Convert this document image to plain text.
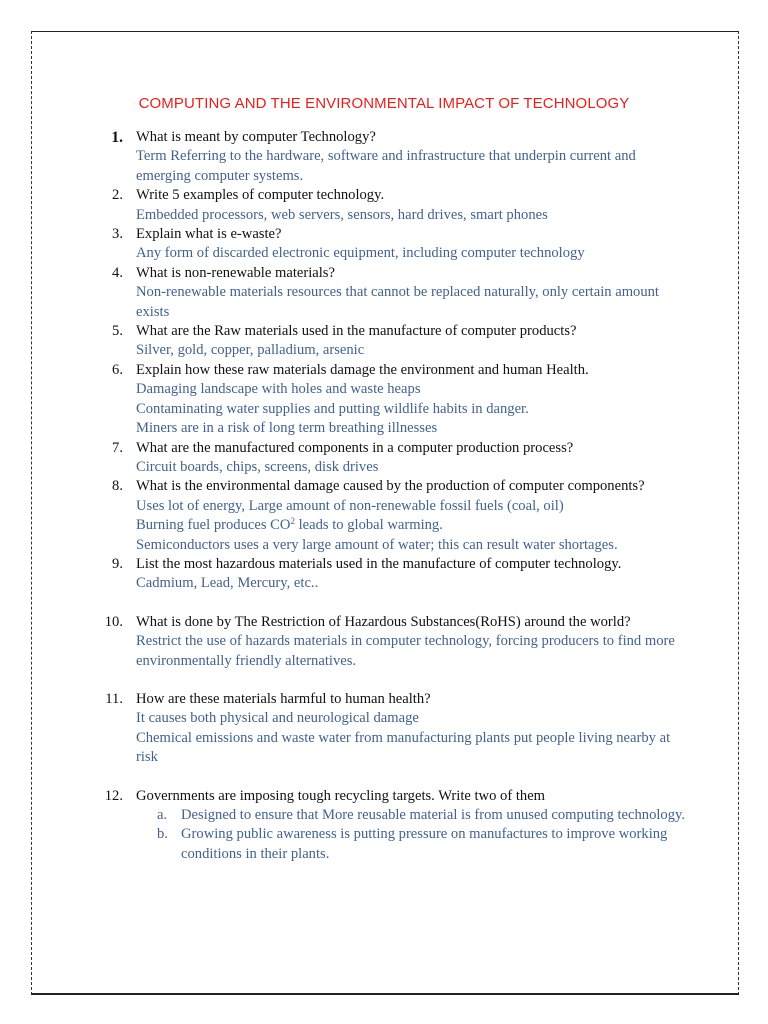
COMPUTING AND THE ENVIRONMENTAL IMPACT OF TECHNOLOGY
1. What is meant by computer Technology?
Term Referring to the hardware, software and infrastructure that underpin current and emerging computer systems.
2. Write 5 examples of computer technology.
Embedded processors, web servers, sensors, hard drives, smart phones
3. Explain what is e-waste?
Any form of discarded electronic equipment, including computer technology
4. What is non-renewable materials?
Non-renewable materials resources that cannot be replaced naturally, only certain amount exists
5. What are the Raw materials used in the manufacture of computer products?
Silver, gold, copper, palladium, arsenic
6. Explain how these raw materials damage the environment and human Health.
Damaging landscape with holes and waste heaps
Contaminating water supplies and putting wildlife habits in danger.
Miners are in a risk of long term breathing illnesses
7. What are the manufactured components in a computer production process?
Circuit boards, chips, screens, disk drives
8. What is the environmental damage caused by the production of computer components?
Uses lot of energy, Large amount of non-renewable fossil fuels (coal, oil)
Burning fuel produces $CO^2$ leads to global warming.
Semiconductors uses a very large amount of water; this can result water shortages.
9. List the most hazardous materials used in the manufacture of computer technology.
Cadmium, Lead, Mercury, etc..
10. What is done by The Restriction of Hazardous Substances(RoHS) around the world?
Restrict the use of hazards materials in computer technology, forcing producers to find more environmentally friendly alternatives.
11. How are these materials harmful to human health?
It causes both physical and neurological damage
Chemical emissions and waste water from manufacturing plants put people living nearby at risk
12. Governments are imposing tough recycling targets. Write two of them
a. Designed to ensure that More reusable material is from unused computing technology.
b. Growing public awareness is putting pressure on manufactures to improve working conditions in their plants.
